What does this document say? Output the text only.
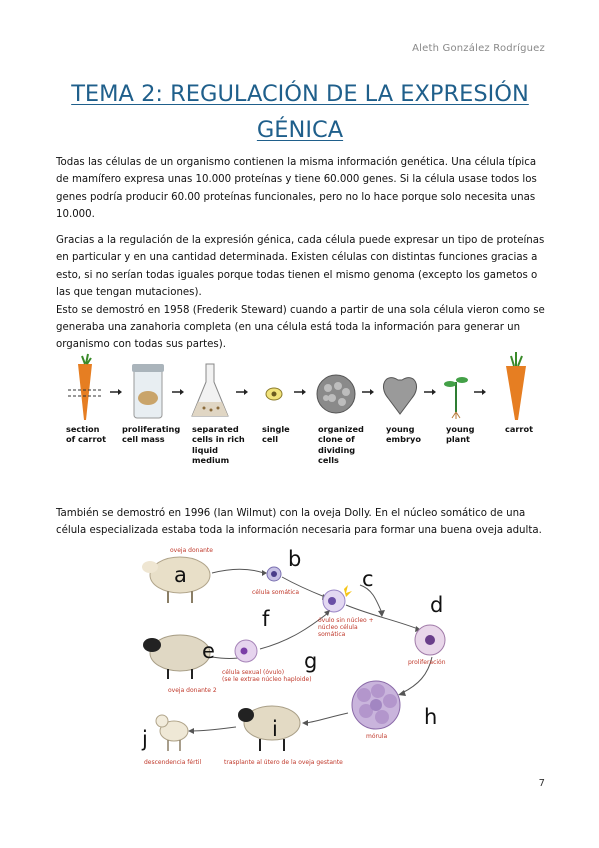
Aleth González Rodríguez
TEMA 2: REGULACIÓN DE LA EXPRESIÓN
GÉNICA
Todas las células de un organismo contienen la misma información genética. Una célula típica de mamífero expresa unas 10.000 proteínas y tiene 60.000 genes. Si la célula usase todos los genes podría producir 60.00 proteínas funcionales, pero no lo hace porque solo necesita unas 10.000.
Gracias a la regulación de la expresión génica, cada célula puede expresar un tipo de proteínas en particular y en una cantidad determinada. Existen células con distintas funciones gracias a esto, si no serían todas iguales porque todas tienen el mismo genoma (excepto los gametos o las que tengan mutaciones).
Esto se demostró en 1958 (Frederik Steward) cuando a partir de una sola célula vieron como se generaba una zanahoria completa (en una célula está toda la información para generar un organismo con todas sus partes).
section
of carrot
proliferating
cell mass
separated
cells in rich
liquid
medium
single
cell
organized
clone of
dividing
cells
young
embryo
young
plant
carrot
También se demostró en 1996 (Ian Wilmut) con la oveja Dolly. En el núcleo somático de una célula especializada estaba toda la información necesaria para formar una buena oveja adulta.
a
b
c
d
e
f
g
h
i
j
oveja donante
célula somática
óvulo sin núcleo +
núcleo célula
somática
proliferación
célula sexual (óvulo)
(se le extrae núcleo haploide)
oveja donante 2
mórula
trasplante al útero de la oveja gestante
descendencia fértil
7
